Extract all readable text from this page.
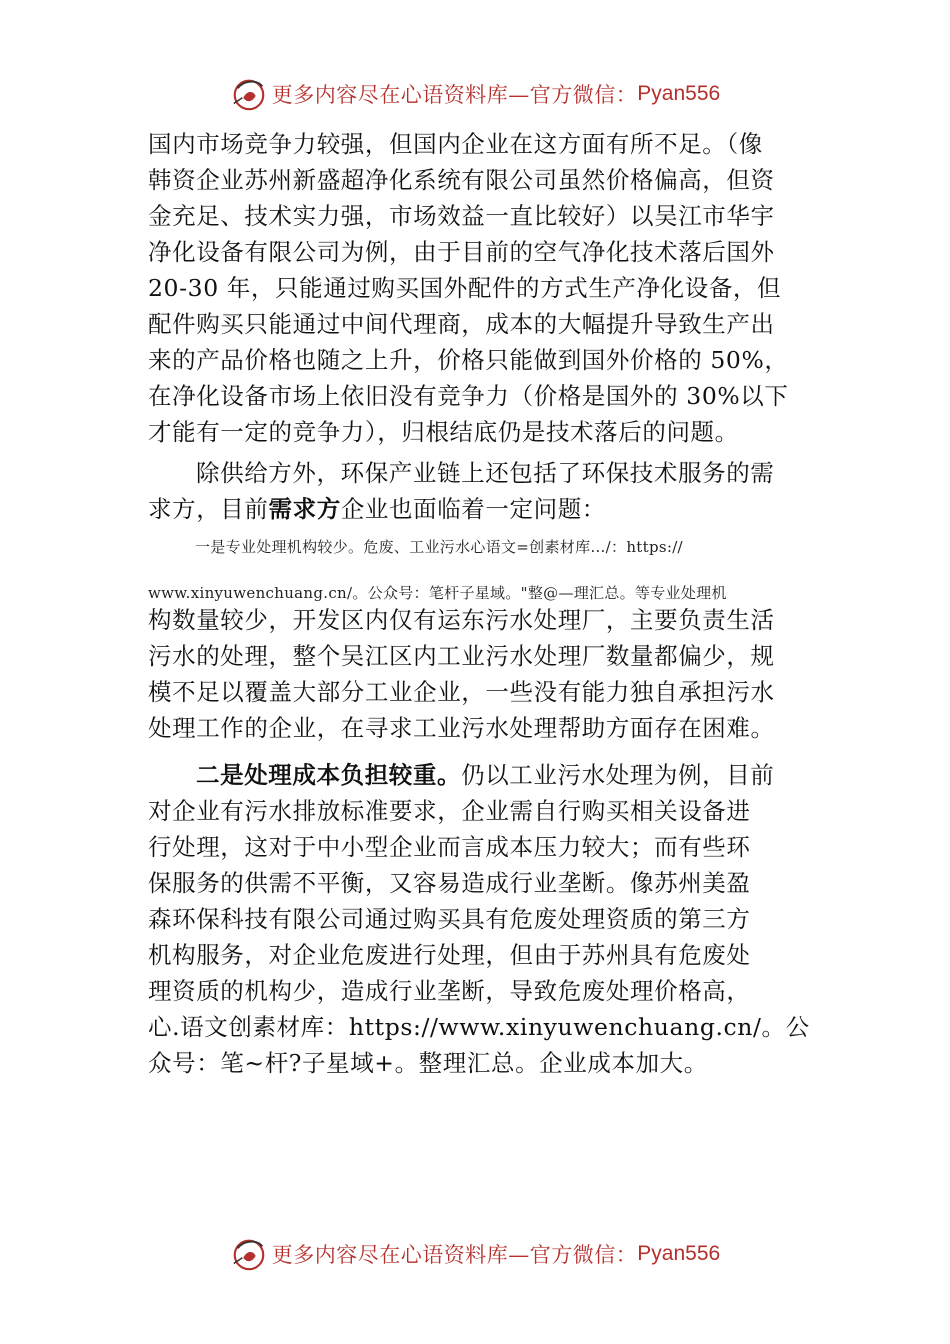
更多内容尽在心语资料库—官方微信： Pyan556
国内市场竞争力较强，但国内企业在这方面有所不足。（像
韩资企业苏州新盛超净化系统有限公司虽然价格偏高，但资
金充足、技术实力强，市场效益一直比较好）以吴江市华宇
净化设备有限公司为例，由于目前的空气净化技术落后国外
20-30 年，只能通过购买国外配件的方式生产净化设备，但
配件购买只能通过中间代理商，成本的大幅提升导致生产出
来的产品价格也随之上升，价格只能做到国外价格的 50%，
在净化设备市场上依旧没有竞争力（价格是国外的 30%以下
才能有一定的竞争力），归根结底仍是技术落后的问题。
除供给方外，环保产业链上还包括了环保技术服务的需
求方，目前需求方企业也面临着一定问题：
一是专业处理机构较少。危废、工业污水心语文=创素材库…/：https://
www.xinyuwenchuang.cn/。公众号：笔杆子星域。"整@—理汇总。等专业处理机
构数量较少，开发区内仅有运东污水处理厂，主要负责生活
污水的处理，整个吴江区内工业污水处理厂数量都偏少，规
模不足以覆盖大部分工业企业，一些没有能力独自承担污水
处理工作的企业，在寻求工业污水处理帮助方面存在困难。
二是处理成本负担较重。仍以工业污水处理为例，目前
对企业有污水排放标准要求，企业需自行购买相关设备进
行处理，这对于中小型企业而言成本压力较大；而有些环
保服务的供需不平衡，又容易造成行业垄断。像苏州美盈
森环保科技有限公司通过购买具有危废处理资质的第三方
机构服务，对企业危废进行处理，但由于苏州具有危废处
理资质的机构少，造成行业垄断，导致危废处理价格高，
心.语文创素材库：https://www.xinyuwenchuang.cn/。公
众号：笔~杆?子星域+。整理汇总。企业成本加大。
更多内容尽在心语资料库—官方微信： Pyan556
